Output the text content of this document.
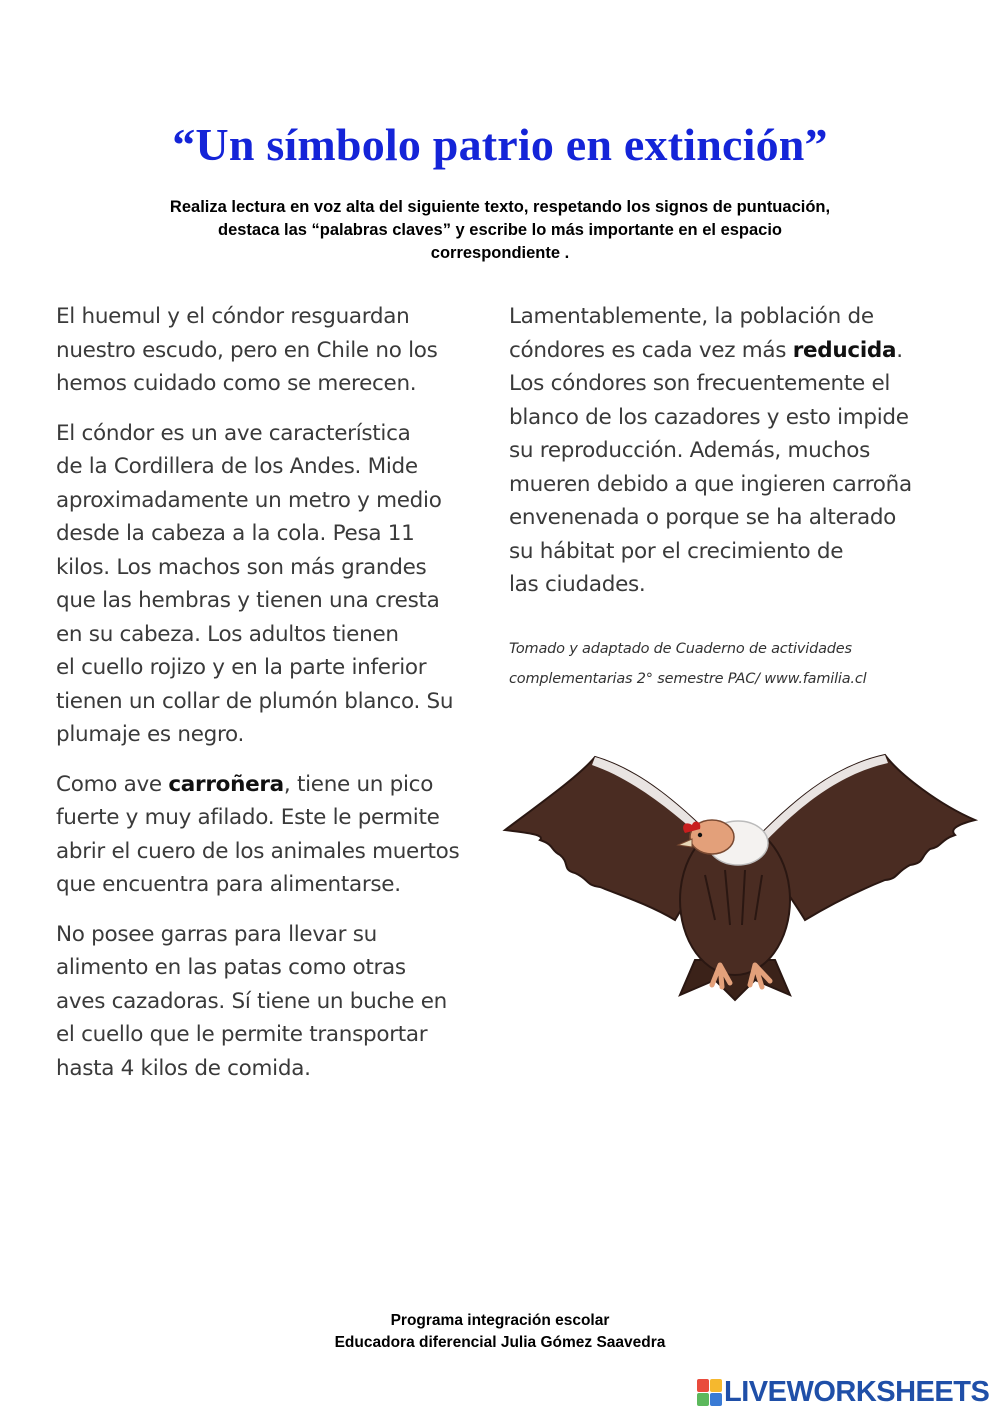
“Un símbolo patrio en extinción”
Realiza lectura en voz alta del siguiente texto, respetando los signos de puntuación,
destaca las “palabras claves” y escribe lo más importante en el espacio
correspondiente .

El huemul y el cóndor resguardan
nuestro escudo, pero en Chile no los
hemos cuidado como se merecen.

El cóndor es un ave característica
de la Cordillera de los Andes. Mide
aproximadamente un metro y medio
desde la cabeza a la cola. Pesa 11
kilos. Los machos son más grandes
que las hembras y tienen una cresta
en su cabeza. Los adultos tienen
el cuello rojizo y en la parte inferior
tienen un collar de plumón blanco. Su
plumaje es negro.

Como ave carroñera, tiene un pico
fuerte y muy afilado. Este le permite
abrir el cuero de los animales muertos
que encuentra para alimentarse.

No posee garras para llevar su
alimento en las patas como otras
aves cazadoras. Sí tiene un buche en
el cuello que le permite transportar
hasta 4 kilos de comida.

Lamentablemente, la población de
cóndores es cada vez más reducida.
Los cóndores son frecuentemente el
blanco de los cazadores y esto impide
su reproducción. Además, muchos
mueren debido a que ingieren carroña
envenenada o porque se ha alterado
su hábitat por el crecimiento de
las ciudades.

Tomado y adaptado de Cuaderno de actividades
complementarias 2° semestre PAC/ www.familia.cl
Programa integración escolar
Educadora diferencial Julia Gómez Saavedra
LIVEWORKSHEETS
